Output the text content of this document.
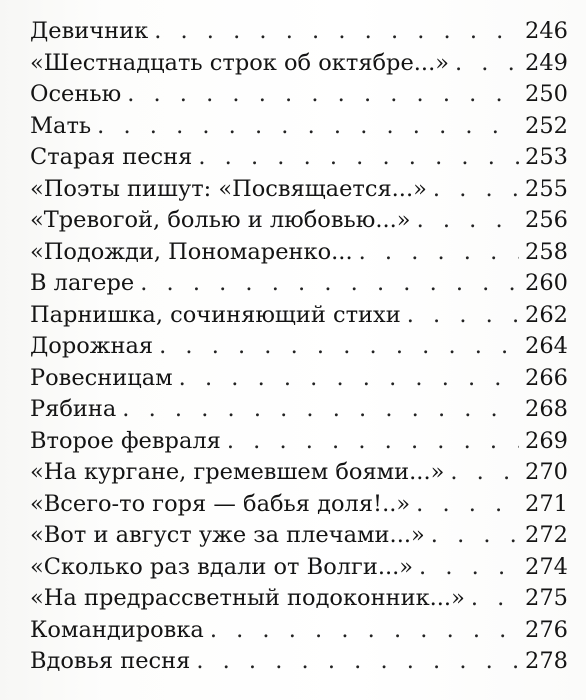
Девичник . . .	246
«Шестнадцать строк об октябре...» . . .	249
Осенью . . .	250
Мать . . .	252
Старая песня . . .	253
«Поэты пишут: «Посвящается...» . . .	255
«Тревогой, болью и любовью...» . . .	256
«Подожди, Пономаренко... . . .	258
В лагере . . .	260
Парнишка, сочиняющий стихи . . .	262
Дорожная . . .	264
Ровесницам . . .	266
Рябина . . .	268
Второе февраля . . .	269
«На кургане, гремевшем боями...» . . .	270
«Всего-то горя — бабья доля!..» . . .	271
«Вот и август уже за плечами...» . . .	272
«Сколько раз вдали от Волги...» . . .	274
«На предрассветный подоконник...» . . .	275
Командировка . . .	276
Вдовья песня . . .	278
